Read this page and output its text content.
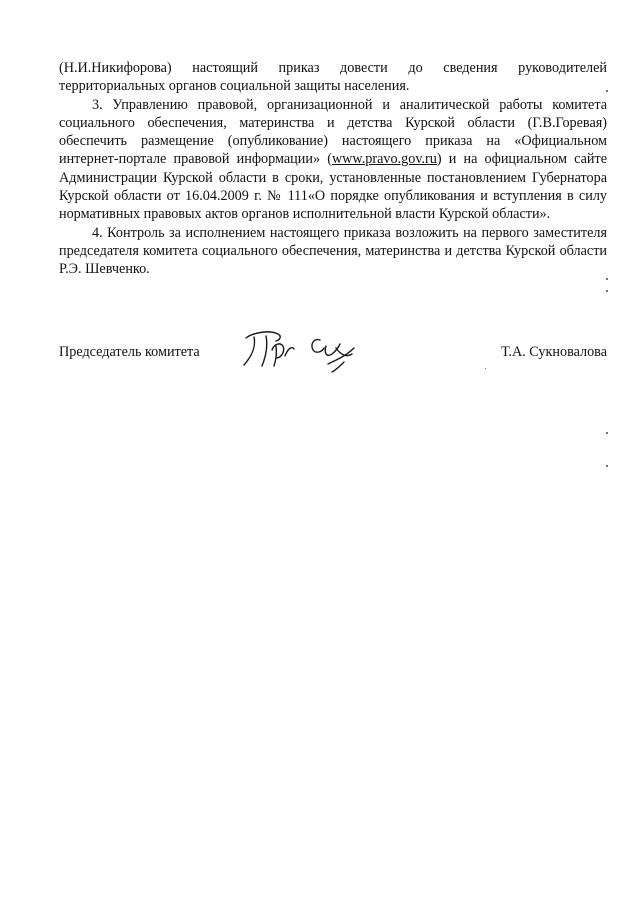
(Н.И.Никифорова) настоящий приказ довести до сведения руководителей территориальных органов социальной защиты населения.

3. Управлению правовой, организационной и аналитической работы комитета социального обеспечения, материнства и детства Курской области (Г.В.Горевая) обеспечить размещение (опубликование) настоящего приказа на «Официальном интернет-портале правовой информации» (www.pravo.gov.ru) и на официальном сайте Администрации Курской области в сроки, установленные постановлением Губернатора Курской области от 16.04.2009 г. № 111«О порядке опубликования и вступления в силу нормативных правовых актов органов исполнительной власти Курской области».

4. Контроль за исполнением настоящего приказа возложить на первого заместителя председателя комитета социального обеспечения, материнства и детства Курской области Р.Э. Шевченко.

Председатель комитета	Т.А. Сукновалова
